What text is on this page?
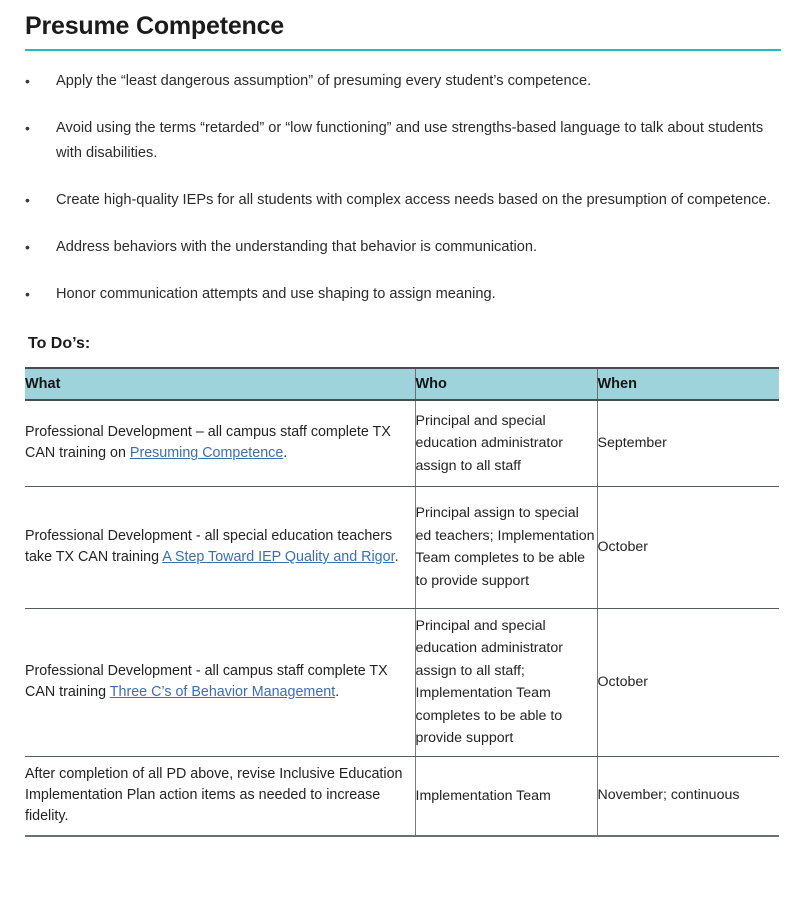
Presume Competence
• Apply the “least dangerous assumption” of presuming every student’s competence.
• Avoid using the terms “retarded” or “low functioning” and use strengths-based language to talk about students with disabilities.
• Create high-quality IEPs for all students with complex access needs based on the presumption of competence.
• Address behaviors with the understanding that behavior is communication.
• Honor communication attempts and use shaping to assign meaning.
To Do’s:
What	Who	When
Professional Development – all campus staff complete TX CAN training on Presuming Competence.	Principal and special education administrator assign to all staff	September
Professional Development - all special education teachers take TX CAN training A Step Toward IEP Quality and Rigor.	Principal assign to special ed teachers; Implementation Team completes to be able to provide support	October
Professional Development - all campus staff complete TX CAN training Three C’s of Behavior Management.	Principal and special education administrator assign to all staff; Implementation Team completes to be able to provide support	October
After completion of all PD above, revise Inclusive Education Implementation Plan action items as needed to increase fidelity.	Implementation Team	November; continuous
